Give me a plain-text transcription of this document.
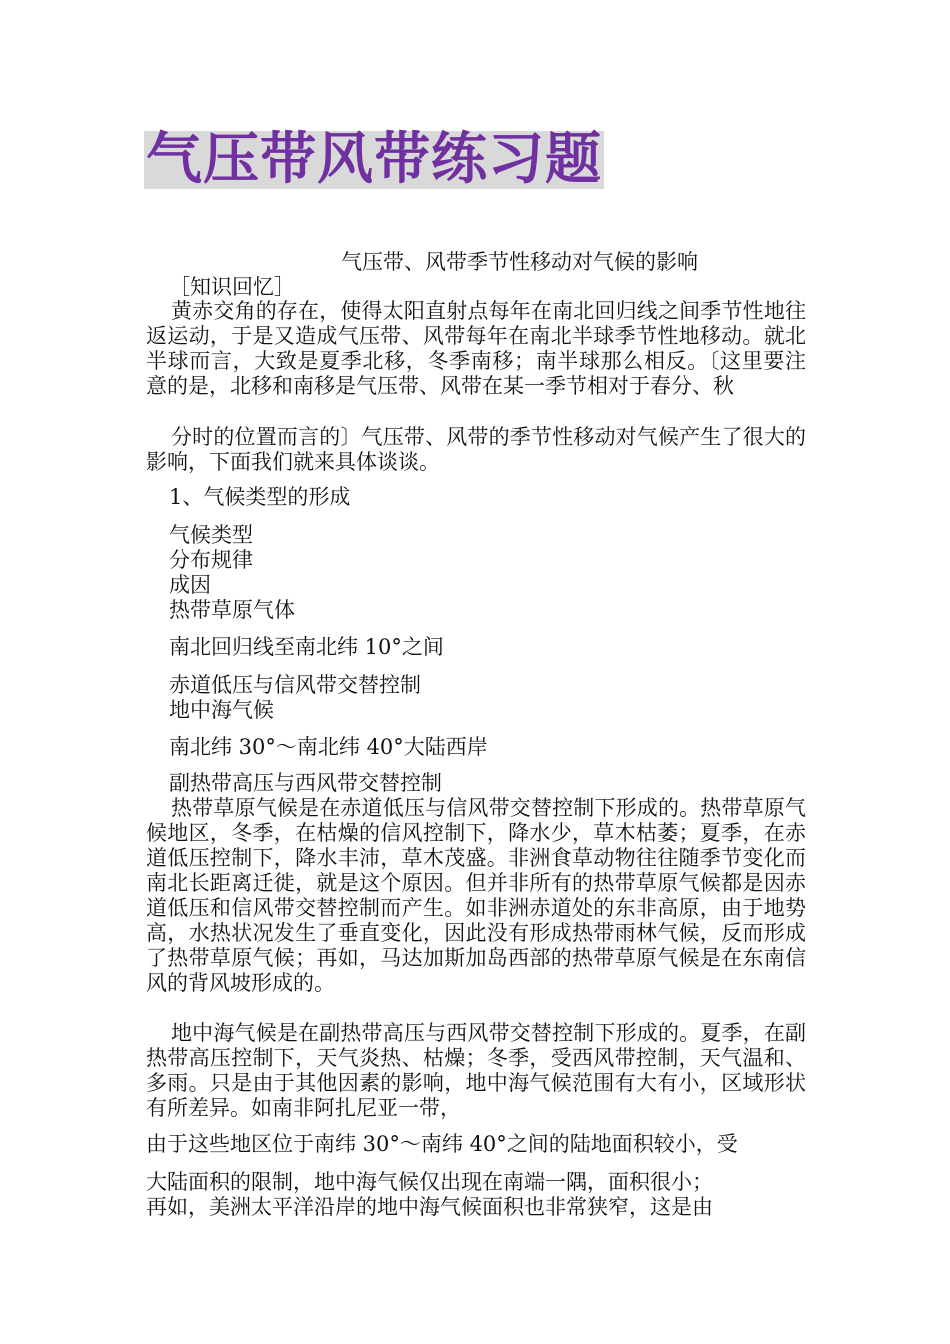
气压带风带练习题
气压带、风带季节性移动对气候的影响
［知识回忆］
黄赤交角的存在，使得太阳直射点每年在南北回归线之间季节性地往返运动，于是又造成气压带、风带每年在南北半球季节性地移动。就北半球而言，大致是夏季北移，冬季南移；南半球那么相反。〔这里要注意的是，北移和南移是气压带、风带在某一季节相对于春分、秋
分时的位置而言的〕气压带、风带的季节性移动对气候产生了很大的影响，下面我们就来具体谈谈。
1、气候类型的形成
气候类型
分布规律
成因
热带草原气体
南北回归线至南北纬 10°之间
赤道低压与信风带交替控制
地中海气候
南北纬 30°～南北纬 40°大陆西岸
副热带高压与西风带交替控制
热带草原气候是在赤道低压与信风带交替控制下形成的。热带草原气候地区，冬季，在枯燥的信风控制下，降水少，草木枯萎；夏季，在赤道低压控制下，降水丰沛，草木茂盛。非洲食草动物往往随季节变化而南北长距离迁徙，就是这个原因。但并非所有的热带草原气候都是因赤道低压和信风带交替控制而产生。如非洲赤道处的东非高原，由于地势高，水热状况发生了垂直变化，因此没有形成热带雨林气候，反而形成了热带草原气候；再如，马达加斯加岛西部的热带草原气候是在东南信风的背风坡形成的。
地中海气候是在副热带高压与西风带交替控制下形成的。夏季，在副热带高压控制下，天气炎热、枯燥；冬季，受西风带控制，天气温和、多雨。只是由于其他因素的影响，地中海气候范围有大有小，区域形状有所差异。如南非阿扎尼亚一带，
由于这些地区位于南纬 30°～南纬 40°之间的陆地面积较小，受
大陆面积的限制，地中海气候仅出现在南端一隅，面积很小；
再如，美洲太平洋沿岸的地中海气候面积也非常狭窄，这是由
